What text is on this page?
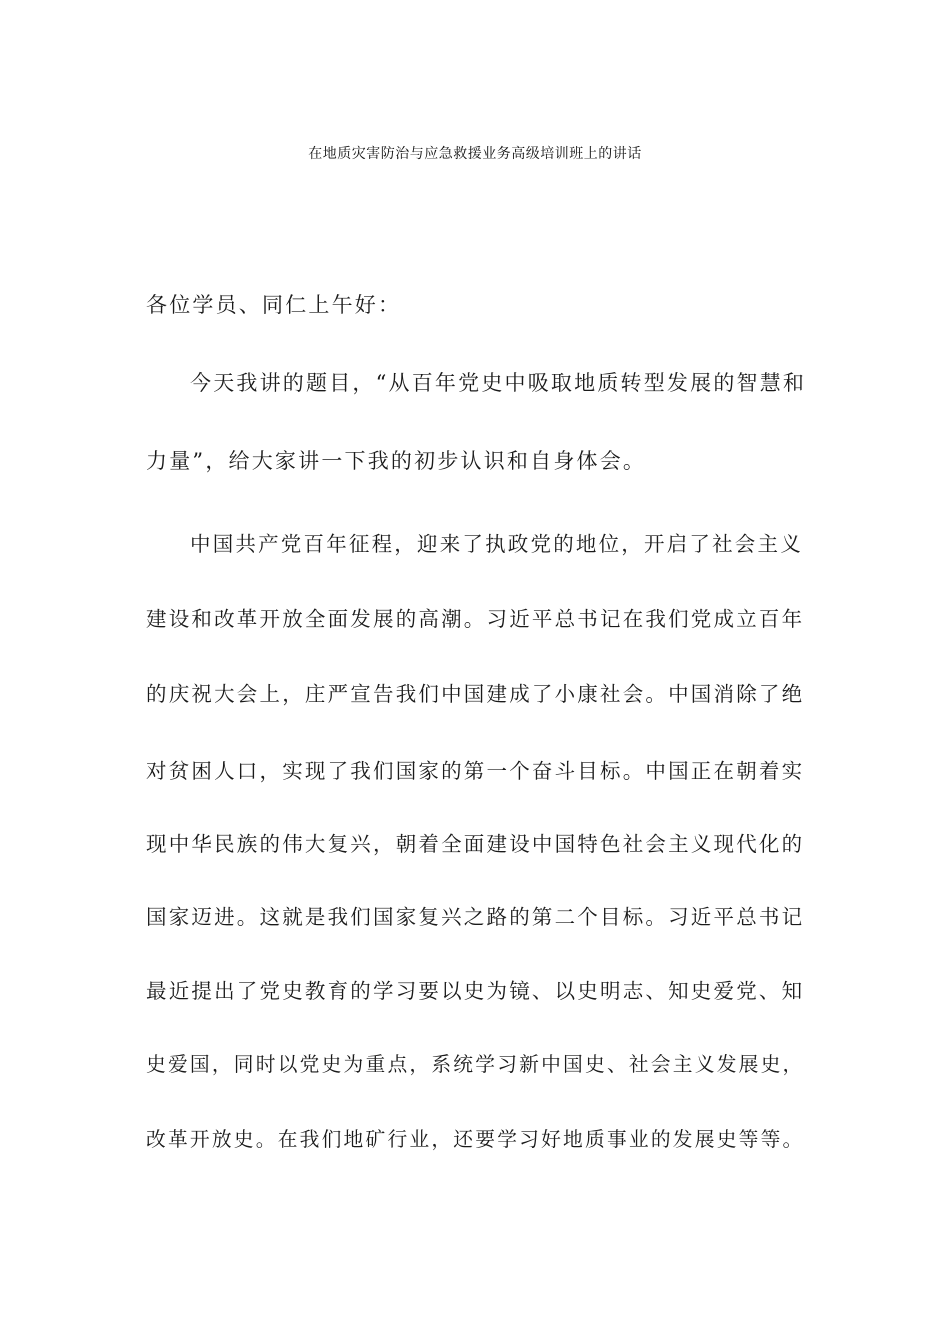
在地质灾害防治与应急救援业务高级培训班上的讲话
各位学员、同仁上午好：
今天我讲的题目，“从百年党史中吸取地质转型发展的智慧和
力量”，给大家讲一下我的初步认识和自身体会。
中国共产党百年征程，迎来了执政党的地位，开启了社会主义
建设和改革开放全面发展的高潮。习近平总书记在我们党成立百年
的庆祝大会上，庄严宣告我们中国建成了小康社会。中国消除了绝
对贫困人口，实现了我们国家的第一个奋斗目标。中国正在朝着实
现中华民族的伟大复兴，朝着全面建设中国特色社会主义现代化的
国家迈进。这就是我们国家复兴之路的第二个目标。习近平总书记
最近提出了党史教育的学习要以史为镜、以史明志、知史爱党、知
史爱国，同时以党史为重点，系统学习新中国史、社会主义发展史，
改革开放史。在我们地矿行业，还要学习好地质事业的发展史等等。
